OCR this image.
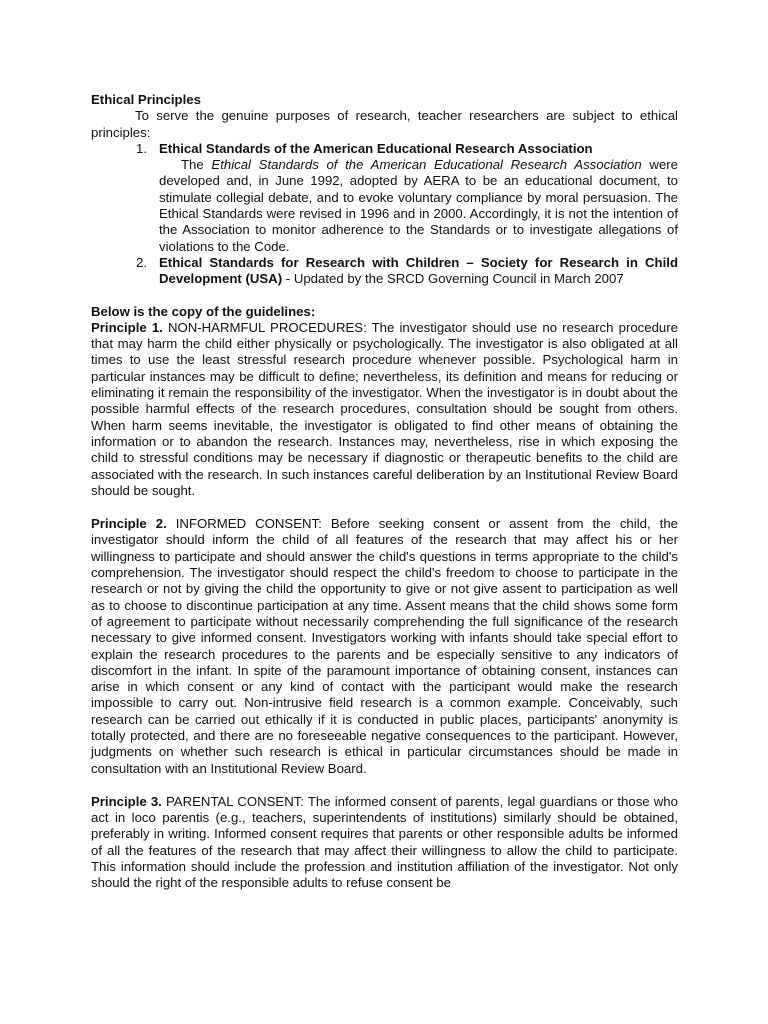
Ethical Principles

To serve the genuine purposes of research, teacher researchers are subject to ethical principles:

1. Ethical Standards of the American Educational Research Association
The Ethical Standards of the American Educational Research Association were developed and, in June 1992, adopted by AERA to be an educational document, to stimulate collegial debate, and to evoke voluntary compliance by moral persuasion. The Ethical Standards were revised in 1996 and in 2000. Accordingly, it is not the intention of the Association to monitor adherence to the Standards or to investigate allegations of violations to the Code.
2. Ethical Standards for Research with Children – Society for Research in Child Development (USA) - Updated by the SRCD Governing Council in March 2007

Below is the copy of the guidelines:

Principle 1. NON-HARMFUL PROCEDURES: The investigator should use no research procedure that may harm the child either physically or psychologically. The investigator is also obligated at all times to use the least stressful research procedure whenever possible. Psychological harm in particular instances may be difficult to define; nevertheless, its definition and means for reducing or eliminating it remain the responsibility of the investigator. When the investigator is in doubt about the possible harmful effects of the research procedures, consultation should be sought from others. When harm seems inevitable, the investigator is obligated to find other means of obtaining the information or to abandon the research. Instances may, nevertheless, rise in which exposing the child to stressful conditions may be necessary if diagnostic or therapeutic benefits to the child are associated with the research. In such instances careful deliberation by an Institutional Review Board should be sought.

Principle 2. INFORMED CONSENT: Before seeking consent or assent from the child, the investigator should inform the child of all features of the research that may affect his or her willingness to participate and should answer the child's questions in terms appropriate to the child's comprehension. The investigator should respect the child's freedom to choose to participate in the research or not by giving the child the opportunity to give or not give assent to participation as well as to choose to discontinue participation at any time. Assent means that the child shows some form of agreement to participate without necessarily comprehending the full significance of the research necessary to give informed consent. Investigators working with infants should take special effort to explain the research procedures to the parents and be especially sensitive to any indicators of discomfort in the infant. In spite of the paramount importance of obtaining consent, instances can arise in which consent or any kind of contact with the participant would make the research impossible to carry out. Non-intrusive field research is a common example. Conceivably, such research can be carried out ethically if it is conducted in public places, participants' anonymity is totally protected, and there are no foreseeable negative consequences to the participant. However, judgments on whether such research is ethical in particular circumstances should be made in consultation with an Institutional Review Board.

Principle 3. PARENTAL CONSENT: The informed consent of parents, legal guardians or those who act in loco parentis (e.g., teachers, superintendents of institutions) similarly should be obtained, preferably in writing. Informed consent requires that parents or other responsible adults be informed of all the features of the research that may affect their willingness to allow the child to participate. This information should include the profession and institution affiliation of the investigator. Not only should the right of the responsible adults to refuse consent be
